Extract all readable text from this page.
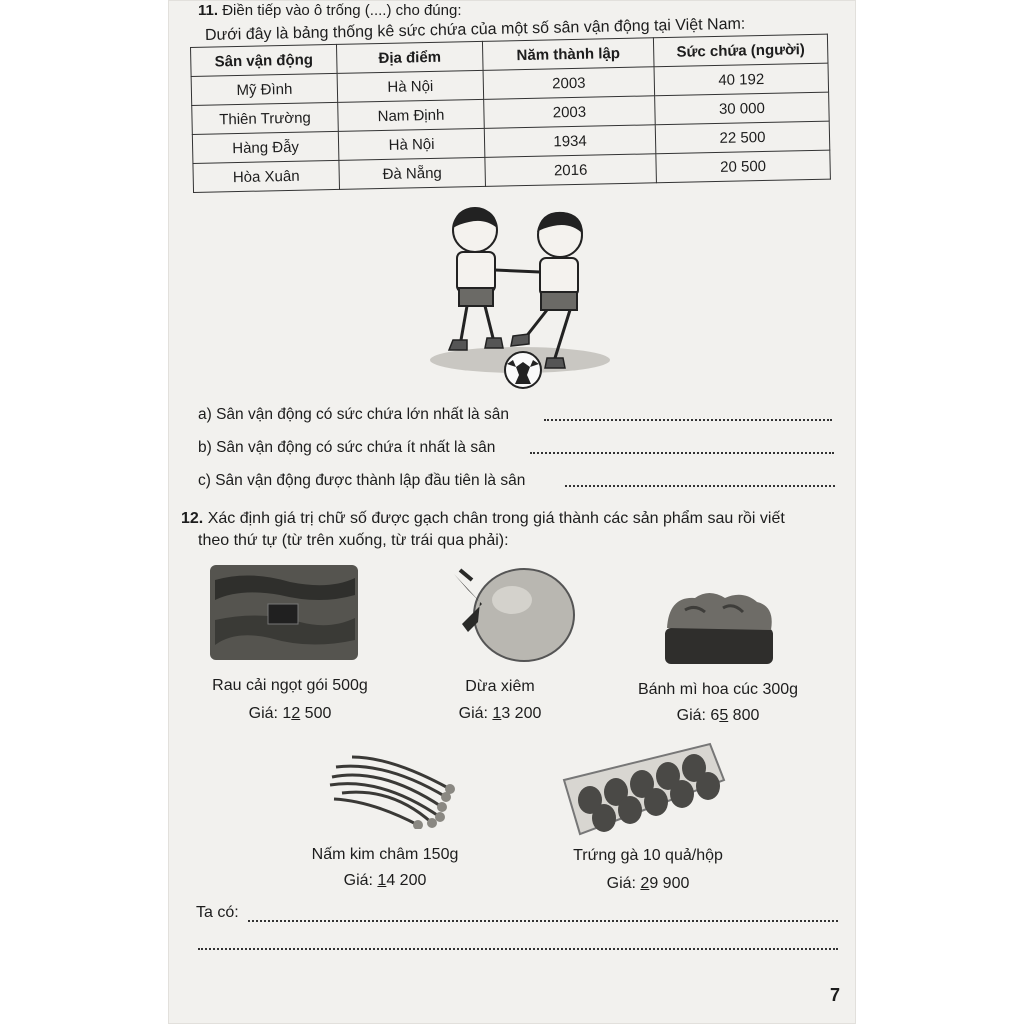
11. Điền tiếp vào ô trống (....) cho đúng:
Dưới đây là bảng thống kê sức chứa của một số sân vận động tại Việt Nam:
Sân vận động	Địa điểm	Năm thành lập	Sức chứa (người)
Mỹ Đình	Hà Nội	2003	40 192
Thiên Trường	Nam Định	2003	30 000
Hàng Đẫy	Hà Nội	1934	22 500
Hòa Xuân	Đà Nẵng	2016	20 500
a) Sân vận động có sức chứa lớn nhất là sân
b) Sân vận động có sức chứa ít nhất là sân
c) Sân vận động được thành lập đầu tiên là sân
12. Xác định giá trị chữ số được gạch chân trong giá thành các sản phẩm sau rồi viết
theo thứ tự (từ trên xuống, từ trái qua phải):
Rau cải ngọt gói 500g
Giá: 12 500
Dừa xiêm
Giá: 13 200
Bánh mì hoa cúc 300g
Giá: 65 800
Nấm kim châm 150g
Giá: 14 200
Trứng gà 10 quả/hộp
Giá: 29 900
Ta có:
7
